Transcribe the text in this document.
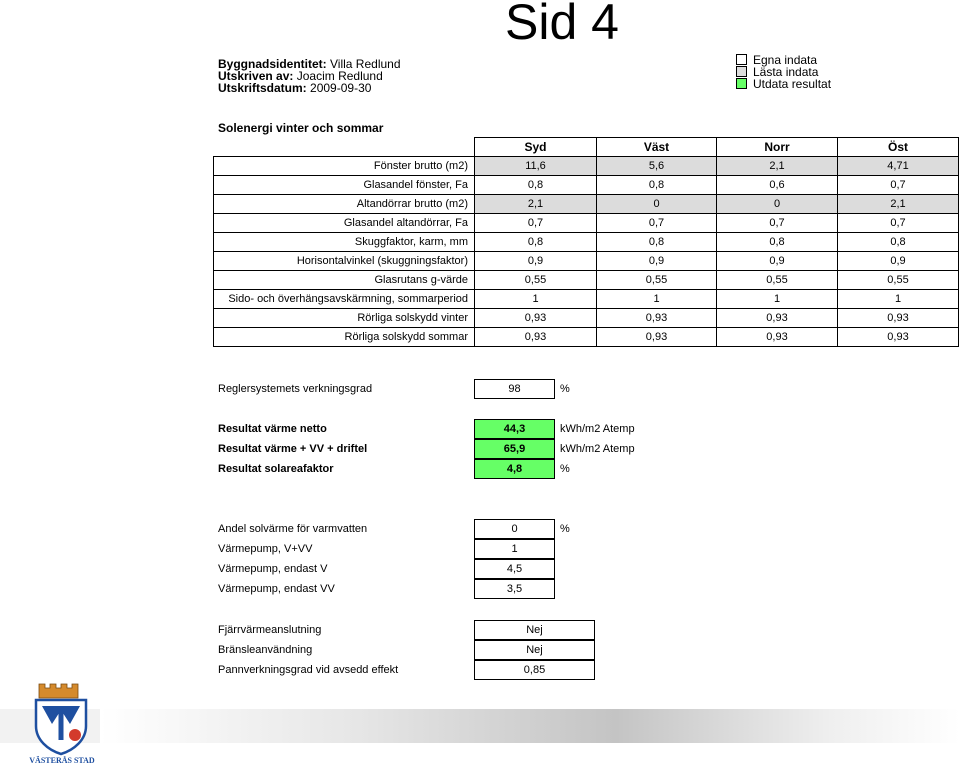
Sid 4
Byggnadsidentitet: Villa Redlund
Utskriven av: Joacim Redlund
Utskriftsdatum: 2009-09-30
Egna indata
Lästa indata
Utdata resultat
Solenergi vinter och sommar
	Syd	Väst	Norr	Öst
Fönster brutto (m2)	11,6	5,6	2,1	4,71
Glasandel fönster, Fa	0,8	0,8	0,6	0,7
Altandörrar brutto (m2)	2,1	0	0	2,1
Glasandel altandörrar, Fa	0,7	0,7	0,7	0,7
Skuggfaktor, karm, mm	0,8	0,8	0,8	0,8
Horisontalvinkel (skuggningsfaktor)	0,9	0,9	0,9	0,9
Glasrutans g-värde	0,55	0,55	0,55	0,55
Sido- och överhängsavskärmning, sommarperiod	1	1	1	1
Rörliga solskydd vinter	0,93	0,93	0,93	0,93
Rörliga solskydd sommar	0,93	0,93	0,93	0,93
Reglersystemets verkningsgrad	98	%
Resultat värme netto	44,3	kWh/m2 Atemp
Resultat värme + VV + driftel	65,9	kWh/m2 Atemp
Resultat solareafaktor	4,8	%
Andel solvärme för varmvatten	0	%
Värmepump, V+VV	1
Värmepump, endast V	4,5
Värmepump, endast VV	3,5
Fjärrvärmeanslutning	Nej
Bränsleanvändning	Nej
Pannverkningsgrad vid avsedd effekt	0,85
VÄSTERÅS STAD
